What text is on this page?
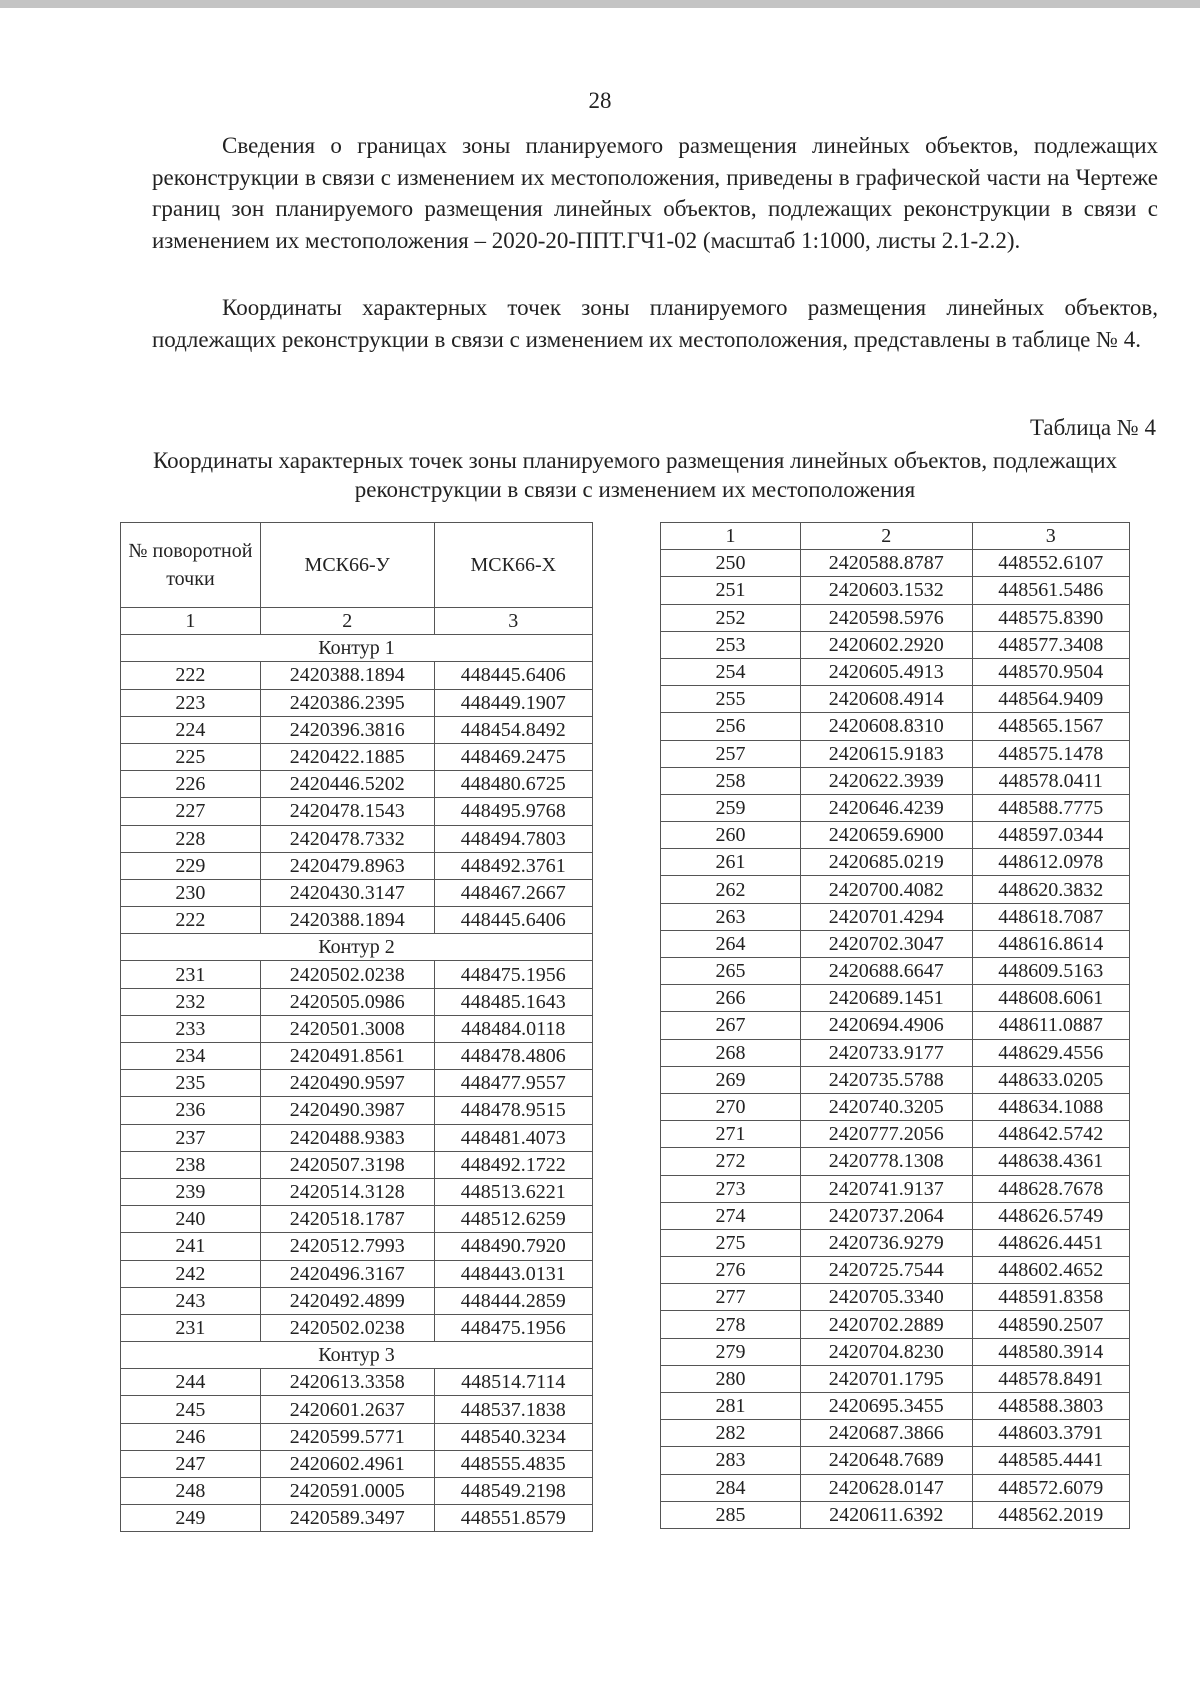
28

Сведения о границах зоны планируемого размещения линейных объектов, подлежащих реконструкции в связи с изменением их местоположения, приведены в графической части на Чертеже границ зон планируемого размещения линейных объектов, подлежащих реконструкции в связи с изменением их местоположения – 2020-20-ППТ.ГЧ1-02 (масштаб 1:1000, листы 2.1-2.2).

Координаты характерных точек зоны планируемого размещения линейных объектов, подлежащих реконструкции в связи с изменением их местоположения, представлены в таблице № 4.

Таблица № 4
Координаты характерных точек зоны планируемого размещения линейных объектов, подлежащих реконструкции в связи с изменением их местоположения
№ поворотной точки	МСК66-У	МСК66-Х
1	2	3
Контур 1		
222	2420388.1894	448445.6406
223	2420386.2395	448449.1907
224	2420396.3816	448454.8492
225	2420422.1885	448469.2475
226	2420446.5202	448480.6725
227	2420478.1543	448495.9768
228	2420478.7332	448494.7803
229	2420479.8963	448492.3761
230	2420430.3147	448467.2667
222	2420388.1894	448445.6406
Контур 2		
231	2420502.0238	448475.1956
232	2420505.0986	448485.1643
233	2420501.3008	448484.0118
234	2420491.8561	448478.4806
235	2420490.9597	448477.9557
236	2420490.3987	448478.9515
237	2420488.9383	448481.4073
238	2420507.3198	448492.1722
239	2420514.3128	448513.6221
240	2420518.1787	448512.6259
241	2420512.7993	448490.7920
242	2420496.3167	448443.0131
243	2420492.4899	448444.2859
231	2420502.0238	448475.1956
Контур 3		
244	2420613.3358	448514.7114
245	2420601.2637	448537.1838
246	2420599.5771	448540.3234
247	2420602.4961	448555.4835
248	2420591.0005	448549.2198
249	2420589.3497	448551.8579
1	2	3
250	2420588.8787	448552.6107
251	2420603.1532	448561.5486
252	2420598.5976	448575.8390
253	2420602.2920	448577.3408
254	2420605.4913	448570.9504
255	2420608.4914	448564.9409
256	2420608.8310	448565.1567
257	2420615.9183	448575.1478
258	2420622.3939	448578.0411
259	2420646.4239	448588.7775
260	2420659.6900	448597.0344
261	2420685.0219	448612.0978
262	2420700.4082	448620.3832
263	2420701.4294	448618.7087
264	2420702.3047	448616.8614
265	2420688.6647	448609.5163
266	2420689.1451	448608.6061
267	2420694.4906	448611.0887
268	2420733.9177	448629.4556
269	2420735.5788	448633.0205
270	2420740.3205	448634.1088
271	2420777.2056	448642.5742
272	2420778.1308	448638.4361
273	2420741.9137	448628.7678
274	2420737.2064	448626.5749
275	2420736.9279	448626.4451
276	2420725.7544	448602.4652
277	2420705.3340	448591.8358
278	2420702.2889	448590.2507
279	2420704.8230	448580.3914
280	2420701.1795	448578.8491
281	2420695.3455	448588.3803
282	2420687.3866	448603.3791
283	2420648.7689	448585.4441
284	2420628.0147	448572.6079
285	2420611.6392	448562.2019
